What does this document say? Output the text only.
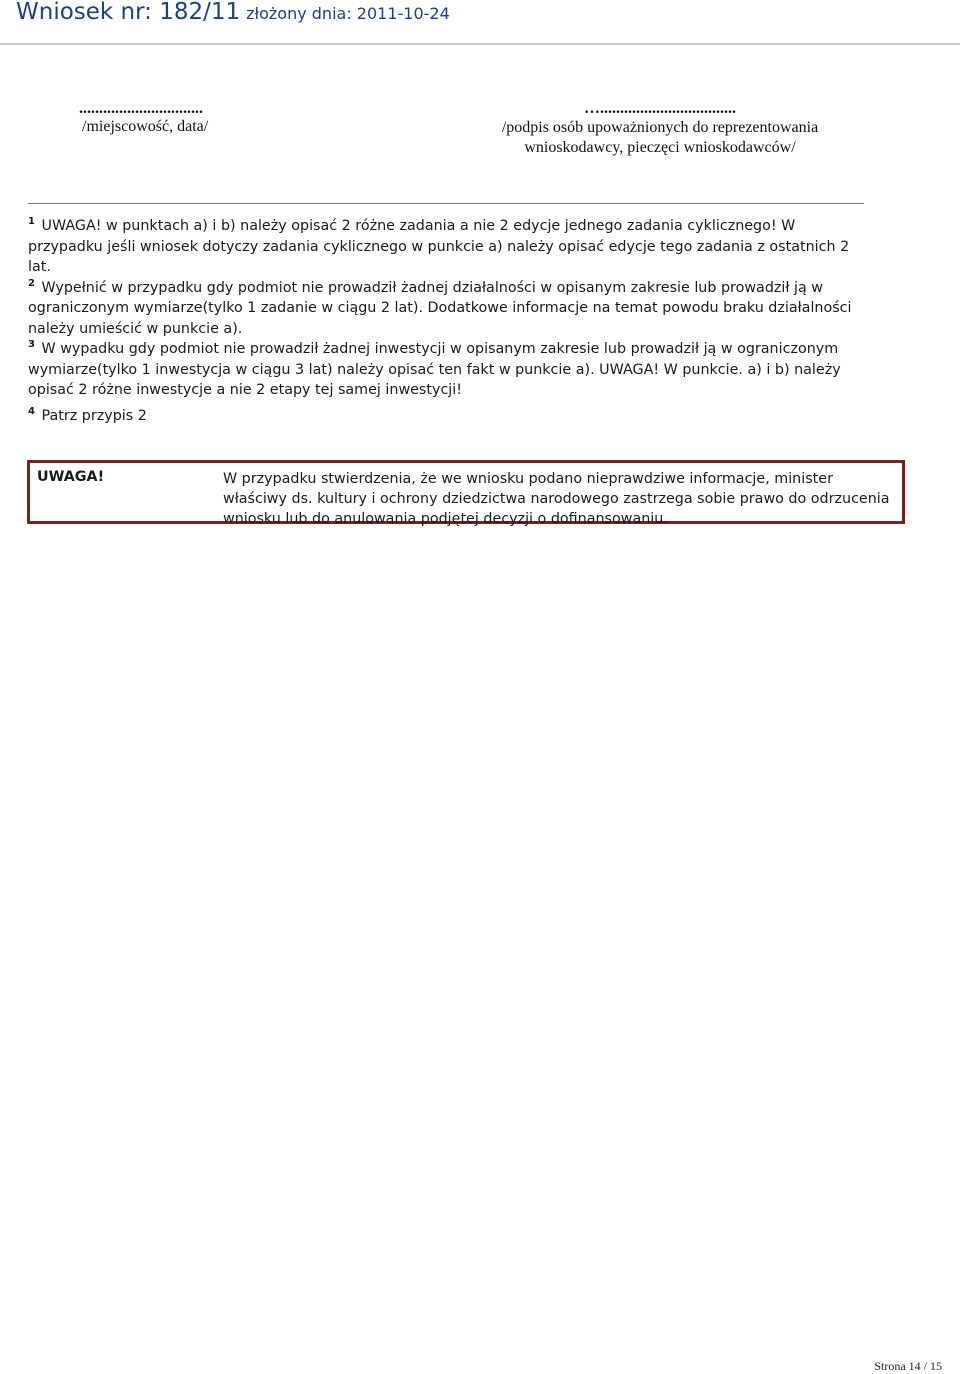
Wniosek nr: 182/11 złożony dnia: 2011-10-24
...............................
/miejscowość, data/
…..................................
/podpis osób upoważnionych do reprezentowania
wnioskodawcy, pieczęci wnioskodawców/

$^1$ UWAGA! w punktach a) i b) należy opisać 2 różne zadania a nie 2 edycje jednego zadania cyklicznego! W przypadku jeśli wniosek dotyczy zadania cyklicznego w punkcie a) należy opisać edycje tego zadania z ostatnich 2 lat.

$^2$ Wypełnić w przypadku gdy podmiot nie prowadził żadnej działalności w opisanym zakresie lub prowadził ją w ograniczonym wymiarze(tylko 1 zadanie w ciągu 2 lat). Dodatkowe informacje na temat powodu braku działalności należy umieścić w punkcie a).

$^3$ W wypadku gdy podmiot nie prowadził żadnej inwestycji w opisanym zakresie lub prowadził ją w ograniczonym wymiarze(tylko 1 inwestycja w ciągu 3 lat) należy opisać ten fakt w punkcie a). UWAGA! W punkcie. a) i b) należy opisać 2 różne inwestycje a nie 2 etapy tej samej inwestycji!

$^4$ Patrz przypis 2

UWAGA!	W przypadku stwierdzenia, że we wniosku podano nieprawdziwe informacje, minister właściwy ds. kultury i ochrony dziedzictwa narodowego zastrzega sobie prawo do odrzucenia wniosku lub do anulowania podjętej decyzji o dofinansowaniu.
Strona 14 / 15
